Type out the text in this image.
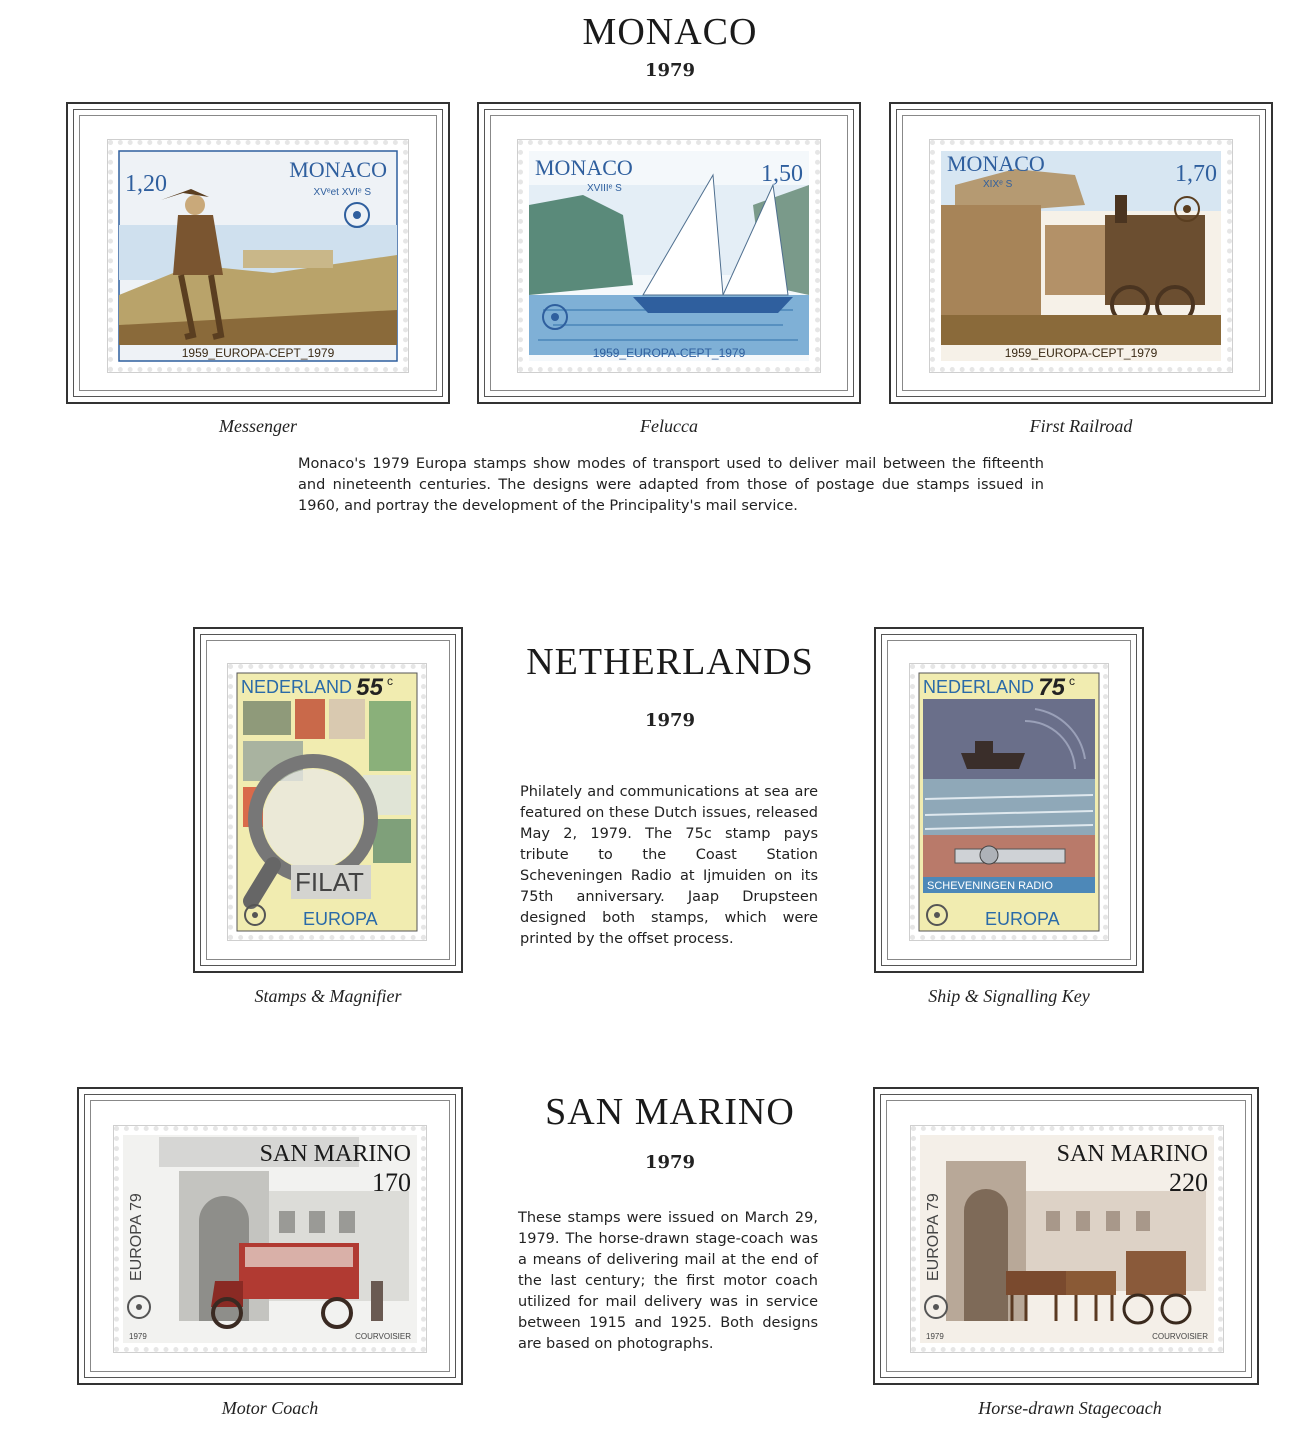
MONACO
1979
1,20
MONACO
XVᵉet XVIᵉ S
1959_EUROPA-CEPT_1979
Messenger
MONACO
XVIIIᵉ S
1,50
1959_EUROPA-CEPT_1979
Felucca
MONACO
XIXᵉ S	1,70
1959_EUROPA-CEPT_1979
First Railroad

Monaco's 1979 Europa stamps show modes of transport used to deliver mail between the fifteenth and nineteenth centuries. The designs were adapted from those of postage due stamps issued in 1960, and portray the development of the Principality's mail service.

NETHERLANDS
1979
FILAT
NEDERLAND 55 c
EUROPA
Stamps & Magnifier
SCHEVENINGEN RADIO
NEDERLAND 75 c
EUROPA
Ship & Signalling Key

Philately and communications at sea are featured on these Dutch issues, released May 2, 1979. The 75c stamp pays tribute to the Coast Station Scheveningen Radio at Ijmuiden on its 75th anniversary. Jaap Drupsteen designed both stamps, which were printed by the offset process.

SAN MARINO
1979
EUROPA 79
SAN MARINO
170
1979	COURVOISIER
Motor Coach
EUROPA 79
SAN MARINO
220
1979	COURVOISIER
Horse-drawn Stagecoach

These stamps were issued on March 29, 1979. The horse-drawn stage-coach was a means of delivering mail at the end of the last century; the first motor coach utilized for mail delivery was in service between 1915 and 1925. Both designs are based on photographs.
